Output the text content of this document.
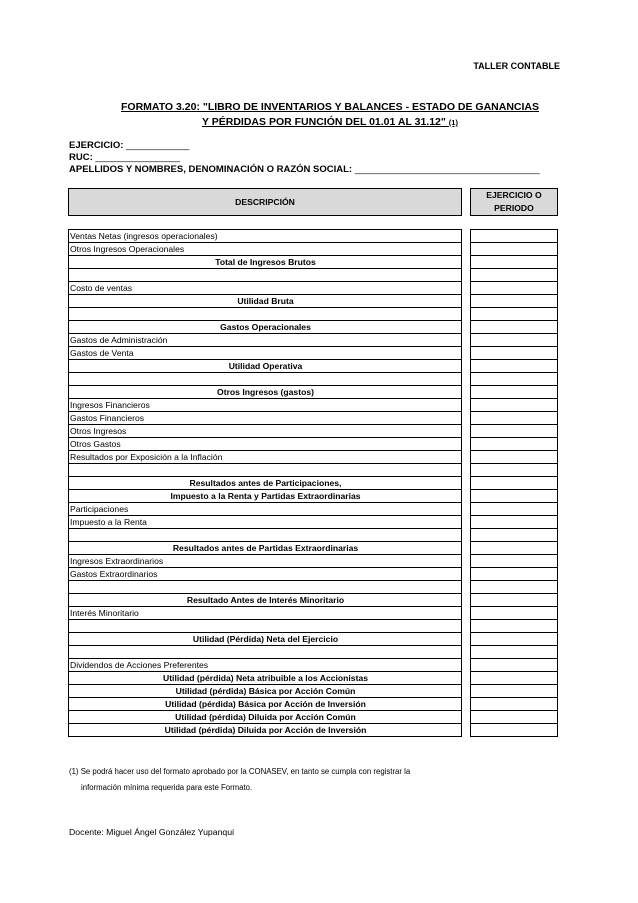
TALLER CONTABLE
FORMATO 3.20: "LIBRO DE INVENTARIOS Y BALANCES - ESTADO DE GANANCIAS
Y PÉRDIDAS POR FUNCIÓN DEL 01.01 AL 31.12" (1)
EJERCICIO: ____________
RUC: ________________
APELLIDOS Y NOMBRES, DENOMINACIÓN O RAZÓN SOCIAL: ___________________________________
DESCRIPCIÓN		EJERCICIO O
PERIODO

Ventas Netas (ingresos operacionales)		
Otros Ingresos Operacionales		
Total de Ingresos Brutos		

Costo de ventas		
Utilidad Bruta		

Gastos Operacionales		
Gastos de Administración		
Gastos de Venta		
Utilidad Operativa		

Otros Ingresos (gastos)		
Ingresos Financieros		
Gastos Financieros		
Otros Ingresos		
Otros Gastos		
Resultados por Exposición a la Inflación		

Resultados antes de Participaciones,		
Impuesto a la Renta y Partidas Extraordinarias		
Participaciones		
Impuesto a la Renta		

Resultados antes de Partidas Extraordinarias		
Ingresos Extraordinarios		
Gastos Extraordinarios		

Resultado Antes de Interés Minoritario		
Interés Minoritario		

Utilidad (Pérdida) Neta del Ejercicio		

Dividendos de Acciones Preferentes		
Utilidad (pérdida) Neta atribuible a los Accionistas		
Utilidad (pérdida) Básica por Acción Común		
Utilidad (pérdida) Básica por Acción de Inversión		
Utilidad (pérdida) Diluida por Acción Común		
Utilidad (pérdida) Diluida por Acción de Inversión		
(1) Se podrá hacer uso del formato aprobado por la CONASEV, en tanto se cumpla con registrar la
información mínima requerida para este Formato.
Docente: Miguel Ángel González Yupanqui
